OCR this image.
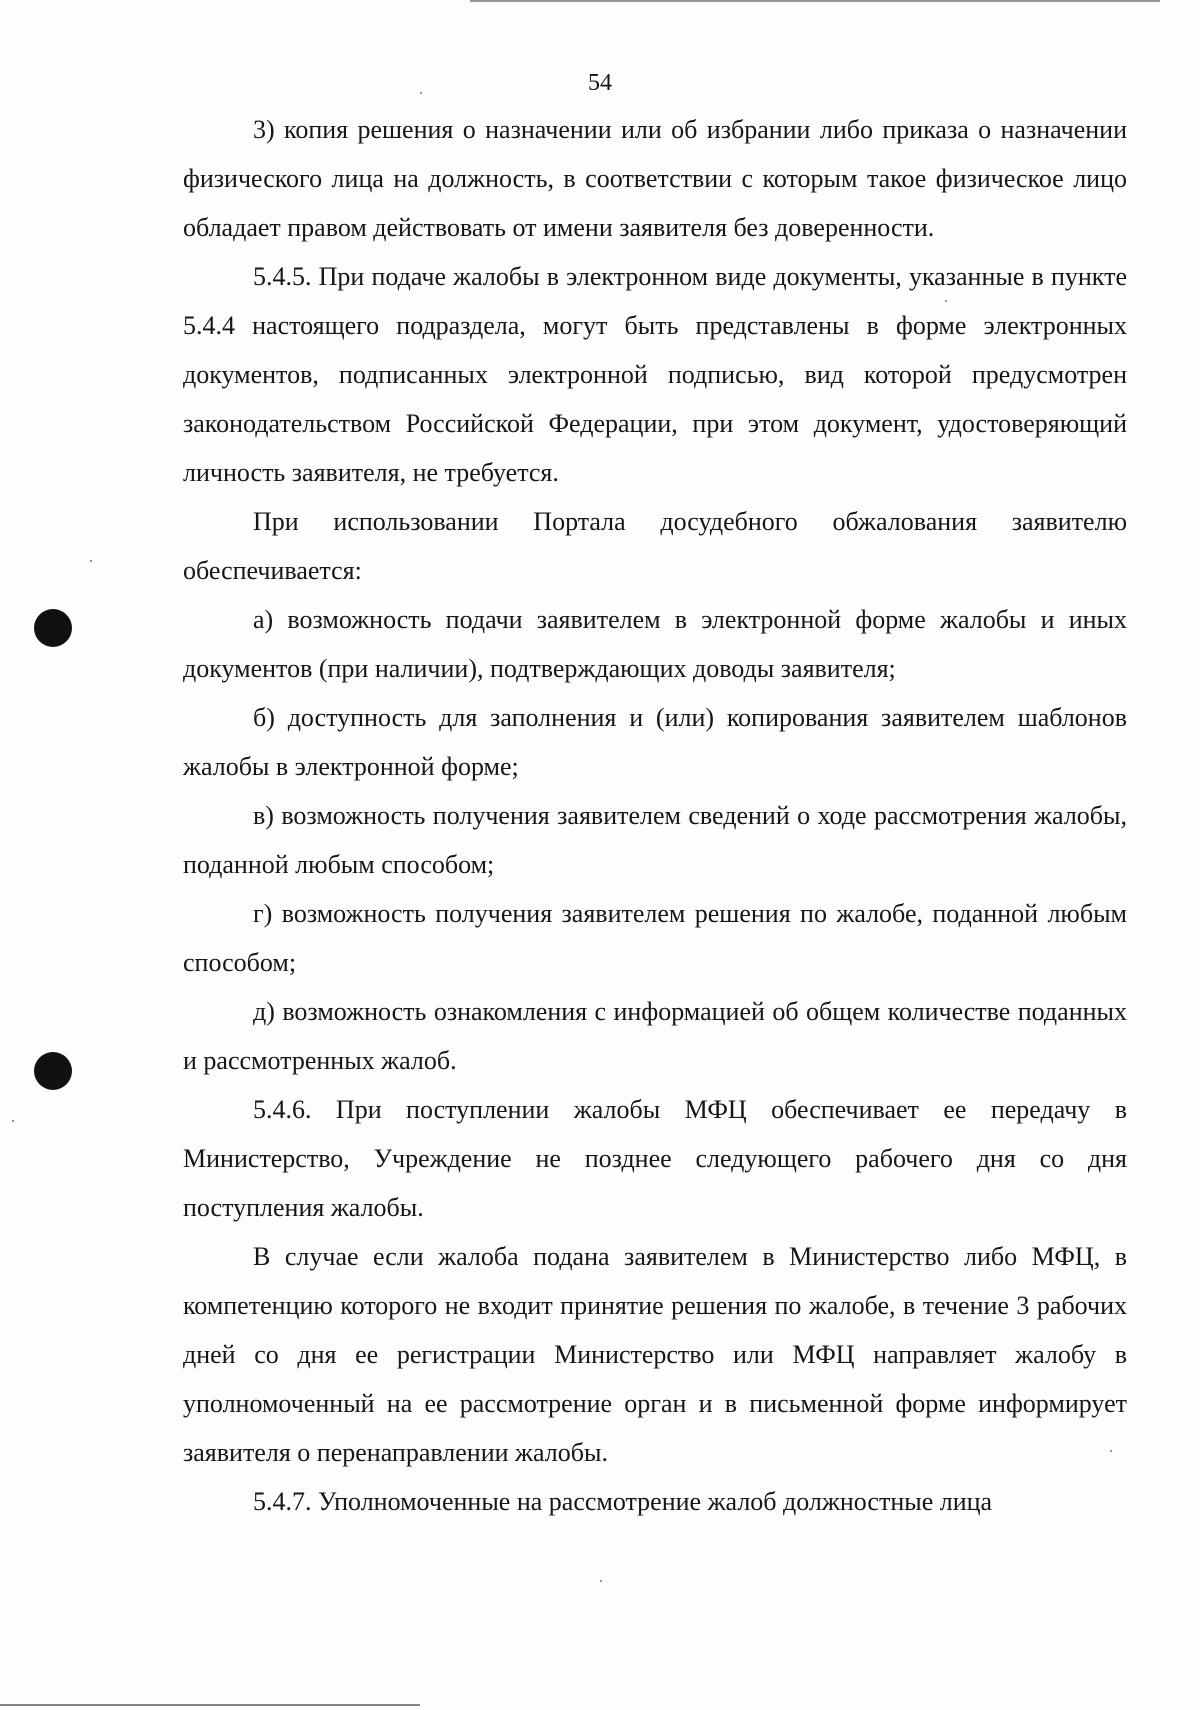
54

3) копия решения о назначении или об избрании либо приказа о назначении физического лица на должность, в соответствии с которым такое физическое лицо обладает правом действовать от имени заявителя без доверенности.

5.4.5. При подаче жалобы в электронном виде документы, указанные в пункте 5.4.4 настоящего подраздела, могут быть представлены в форме электронных документов, подписанных электронной подписью, вид которой предусмотрен законодательством Российской Федерации, при этом документ, удостоверяющий личность заявителя, не требуется.

При использовании Портала досудебного обжалования заявителю обеспечивается:

а) возможность подачи заявителем в электронной форме жалобы и иных документов (при наличии), подтверждающих доводы заявителя;

б) доступность для заполнения и (или) копирования заявителем шаблонов жалобы в электронной форме;

в) возможность получения заявителем сведений о ходе рассмотрения жалобы, поданной любым способом;

г) возможность получения заявителем решения по жалобе, поданной любым способом;

д) возможность ознакомления с информацией об общем количестве поданных и рассмотренных жалоб.

5.4.6. При поступлении жалобы МФЦ обеспечивает ее передачу в Министерство, Учреждение не позднее следующего рабочего дня со дня поступления жалобы.

В случае если жалоба подана заявителем в Министерство либо МФЦ, в компетенцию которого не входит принятие решения по жалобе, в течение 3 рабочих дней со дня ее регистрации Министерство или МФЦ направляет жалобу в уполномоченный на ее рассмотрение орган и в письменной форме информирует заявителя о перенаправлении жалобы.

5.4.7. Уполномоченные на рассмотрение жалоб должностные лица
